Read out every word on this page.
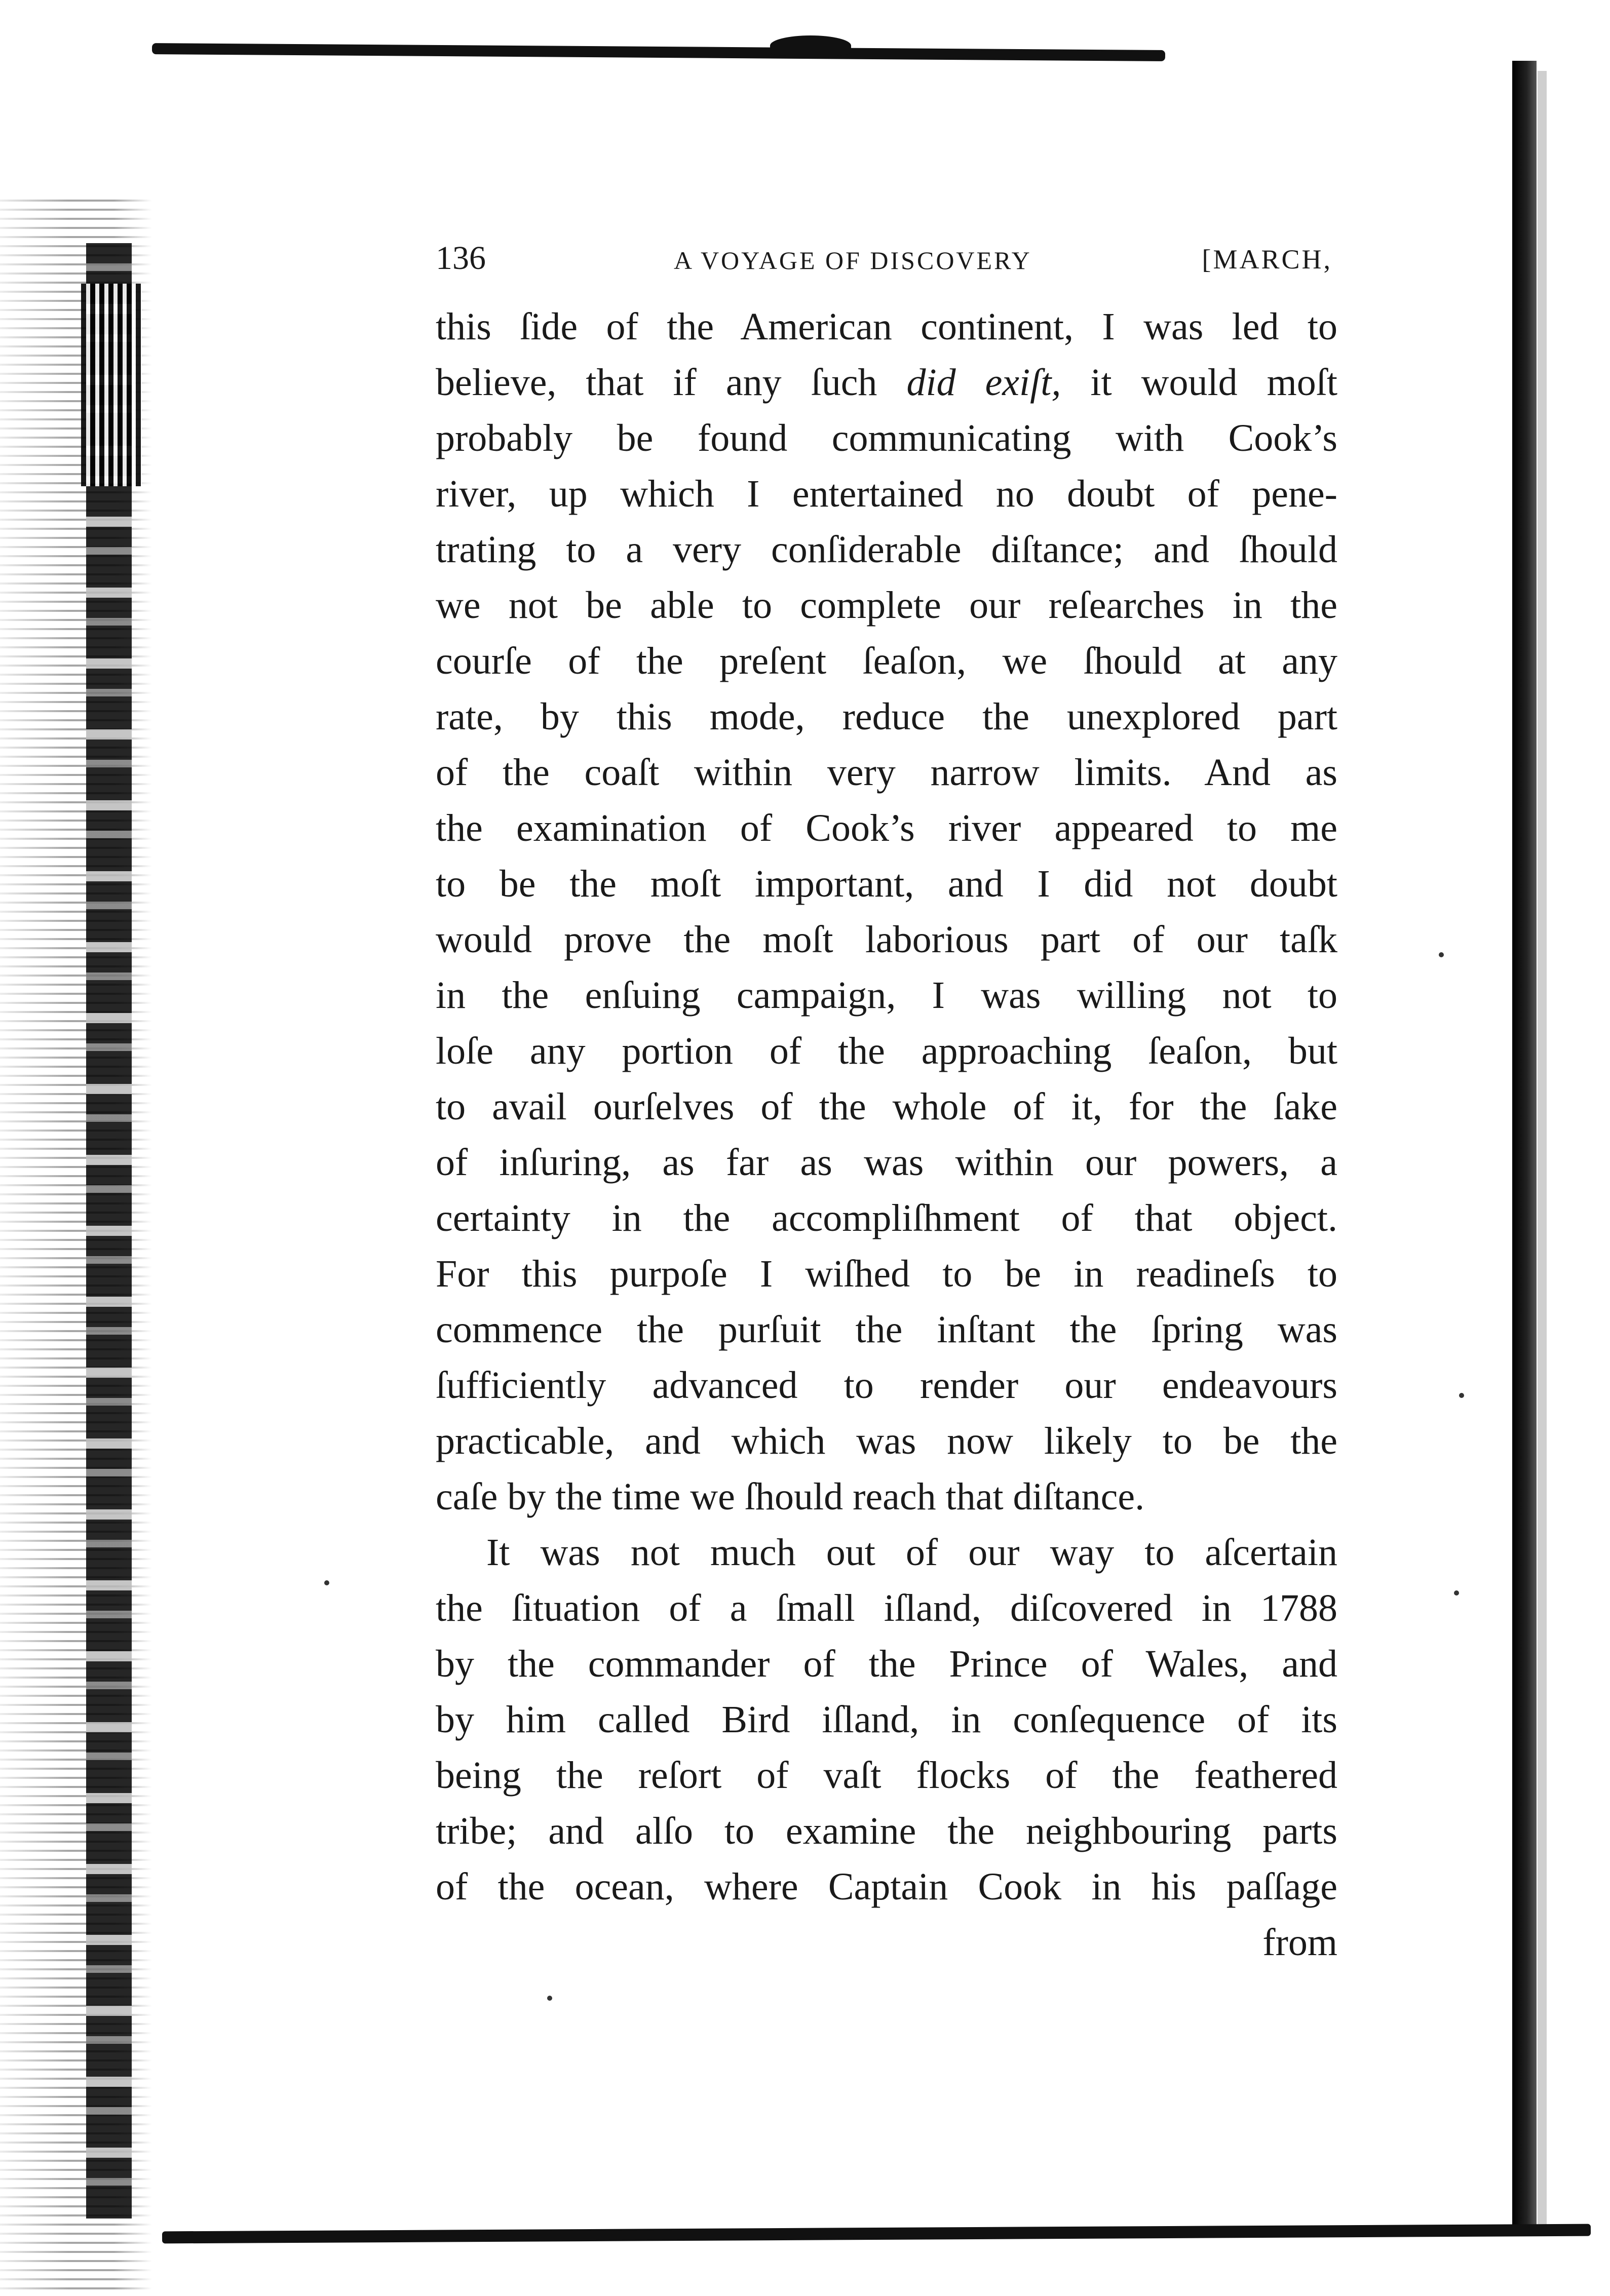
136	A VOYAGE OF DISCOVERY	[MARCH,
this ſide of the American continent, I was led to
believe, that if any ſuch did exiſt, it would moſt
probably be found communicating with Cook’s
river, up which I entertained no doubt of pene-
trating to a very conſiderable diſtance; and ſhould
we not be able to complete our reſearches in the
courſe of the preſent ſeaſon, we ſhould at any
rate, by this mode, reduce the unexplored part
of the coaſt within very narrow limits. And as
the examination of Cook’s river appeared to me
to be the moſt important, and I did not doubt
would prove the moſt laborious part of our taſk
in the enſuing campaign, I was willing not to
loſe any portion of the approaching ſeaſon, but
to avail ourſelves of the whole of it, for the ſake
of inſuring, as far as was within our powers, a
certainty in the accompliſhment of that object.
For this purpoſe I wiſhed to be in readineſs to
commence the purſuit the inſtant the ſpring was
ſufficiently advanced to render our endeavours
practicable, and which was now likely to be the
caſe by the time we ſhould reach that diſtance.
It was not much out of our way to aſcertain
the ſituation of a ſmall iſland, diſcovered in 1788
by the commander of the Prince of Wales, and
by him called Bird iſland, in conſequence of its
being the reſort of vaſt flocks of the feathered
tribe; and alſo to examine the neighbouring parts
of the ocean, where Captain Cook in his paſſage
from
